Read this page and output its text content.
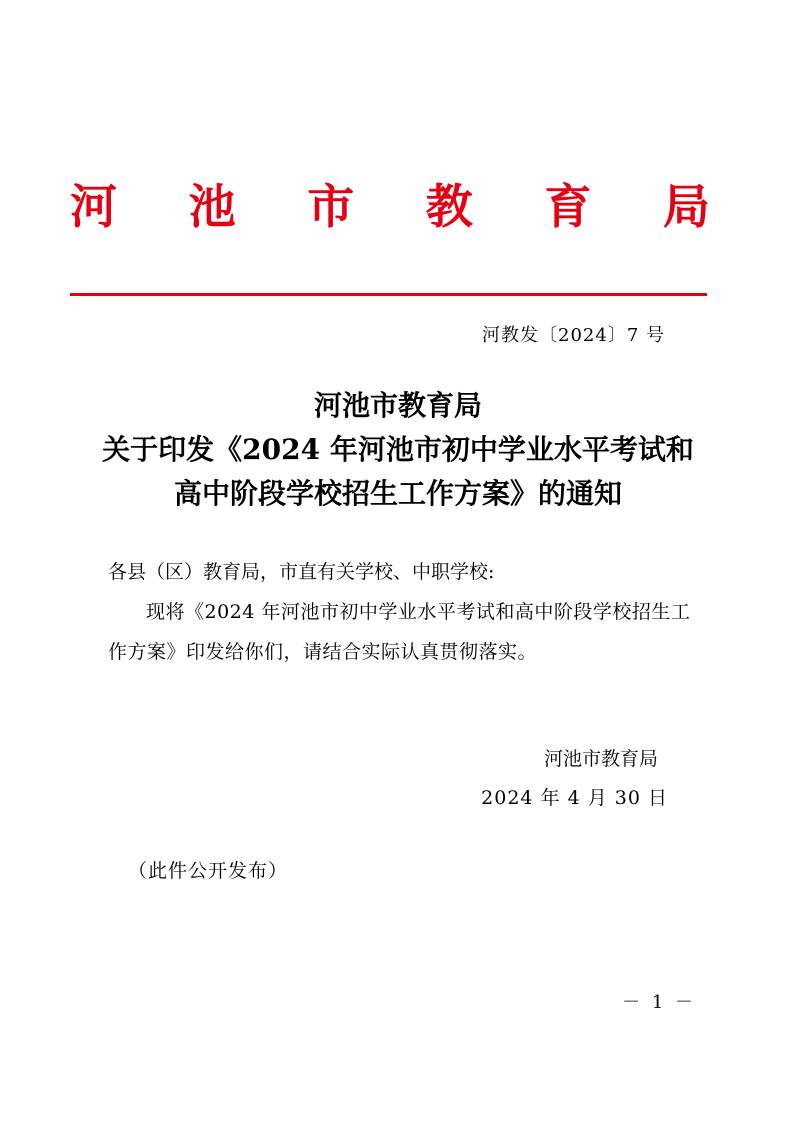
河 池 市 教 育 局
河教发〔2024〕7 号
河池市教育局
关于印发《2024 年河池市初中学业水平考试和
高中阶段学校招生工作方案》的通知

各县（区）教育局，市直有关学校、中职学校:

现将《2024 年河池市初中学业水平考试和高中阶段学校招生工作方案》印发给你们，请结合实际认真贯彻落实。

河池市教育局
2024 年 4 月 30 日
（此件公开发布）
－ 1 －
